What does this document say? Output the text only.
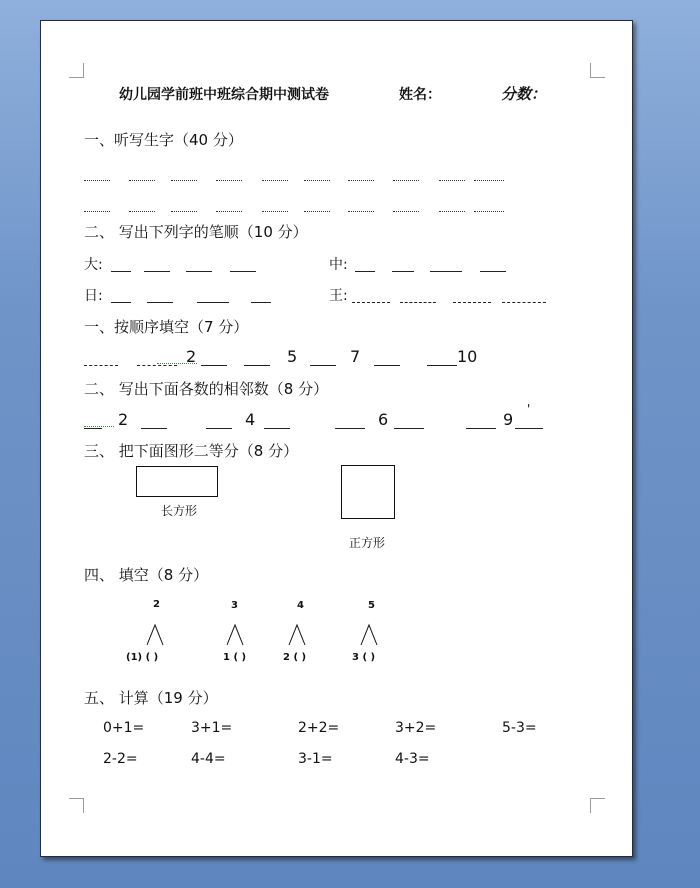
幼儿园学前班中班综合期中测试卷	姓名：	分数：
一、听写生字（40 分）
二、 写出下列字的笔顺（10 分）
大:	中:
日:	王:
一、按顺序填空（7 分）
2	5	7	10
二、 写出下面各数的相邻数（8 分）
2	4	6	9
'
三、 把下面图形二等分（8 分）
长方形
正方形
四、 填空（8 分）
2	3	4	5
(1) ( )	1 ( )	2 ( )	3 ( )
五、 计算（19 分）
0+1=	3+1=	2+2=	3+2=	5-3=
2-2=	4-4=	3-1=	4-3=
